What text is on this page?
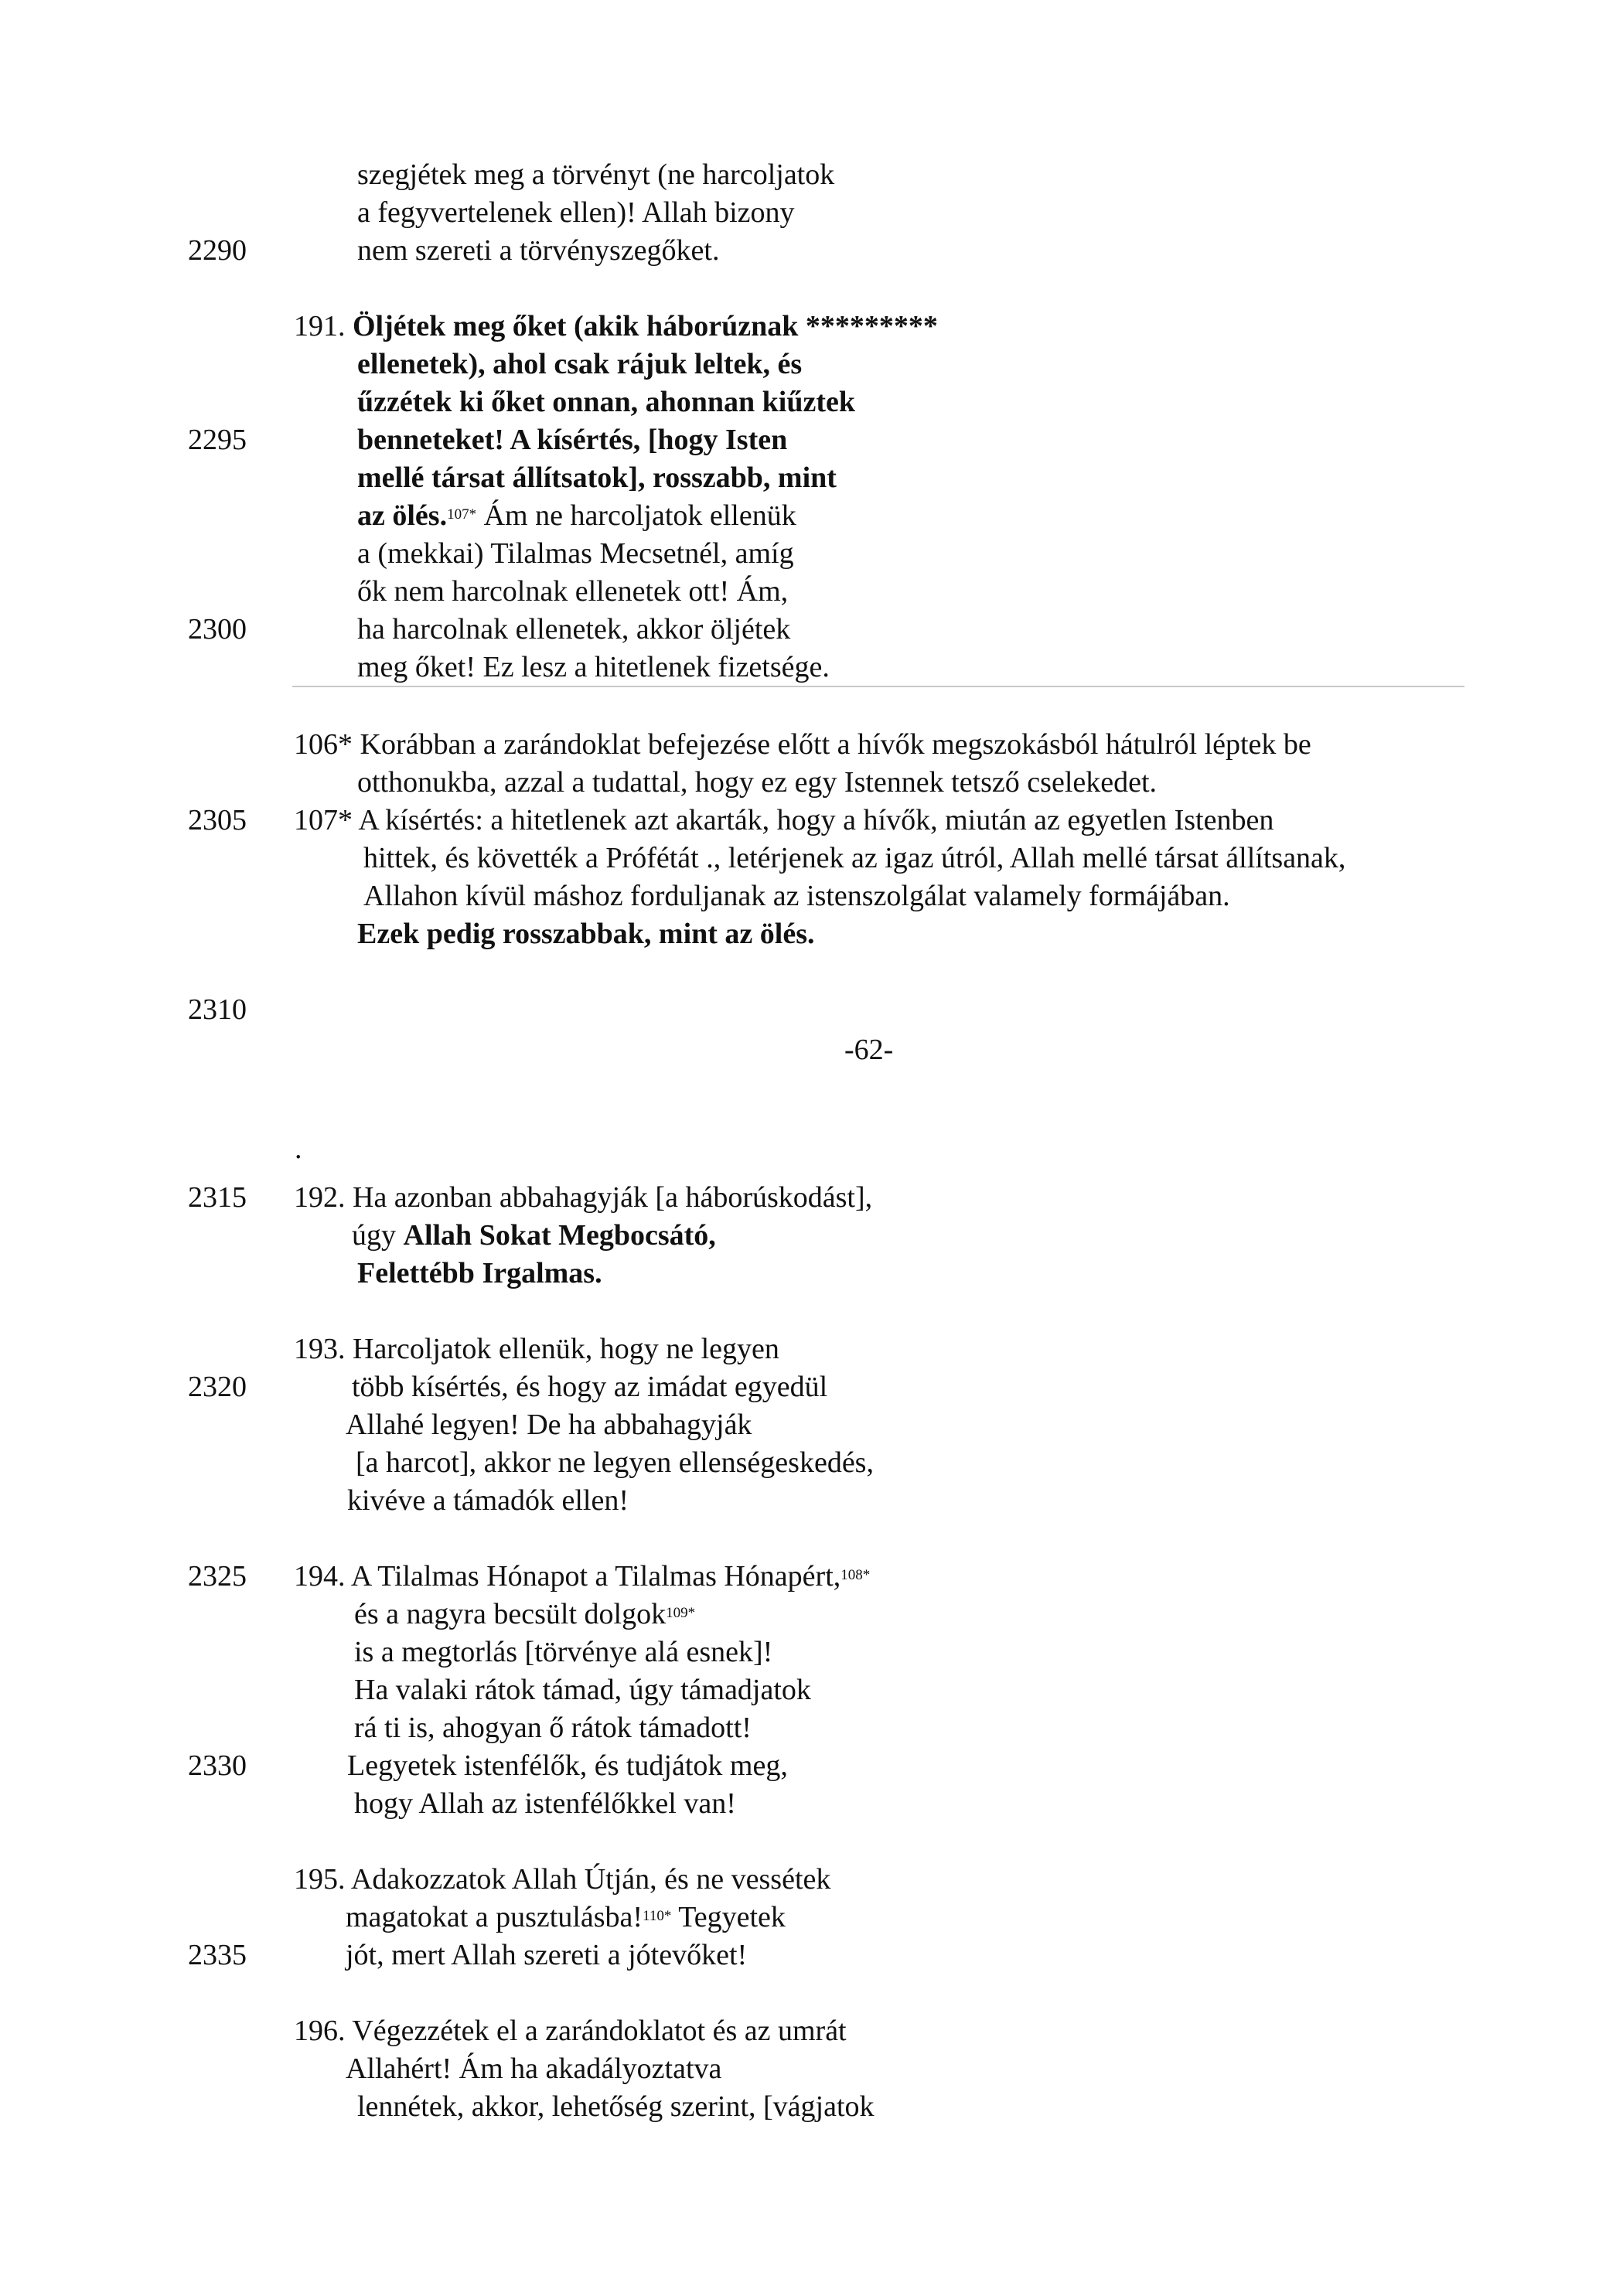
-62-
.
szegjétek meg a törvényt (ne harcoljatok
a fegyvertelenek ellen)! Allah bizony
2290	nem szereti a törvényszegőket.
191. Öljétek meg őket (akik háborúznak *********
ellenetek), ahol csak rájuk leltek, és
űzzétek ki őket onnan, ahonnan kiűztek
2295	benneteket! A kísértés, [hogy Isten
mellé társat állítsatok], rosszabb, mint
az ölés.$^{107*}$ Ám ne harcoljatok ellenük
a (mekkai) Tilalmas Mecsetnél, amíg
ők nem harcolnak ellenetek ott! Ám,
2300	ha harcolnak ellenetek, akkor öljétek
meg őket! Ez lesz a hitetlenek fizetsége.
106* Korábban a zarándoklat befejezése előtt a hívők megszokásból hátulról léptek be
otthonukba, azzal a tudattal, hogy ez egy Istennek tetsző cselekedet.
2305 107* A kísértés: a hitetlenek azt akarták, hogy a hívők, miután az egyetlen Istenben
hittek, és követték a Prófétát ., letérjenek az igaz útról, Allah mellé társat állítsanak,
Allahon kívül máshoz forduljanak az istenszolgálat valamely formájában.
Ezek pedig rosszabbak, mint az ölés.
2310
2315 192. Ha azonban abbahagyják [a háborúskodást],
úgy Allah Sokat Megbocsátó,
Felettébb Irgalmas.
193. Harcoljatok ellenük, hogy ne legyen
2320	több kísértés, és hogy az imádat egyedül
Allahé legyen! De ha abbahagyják
[a harcot], akkor ne legyen ellenségeskedés,
kivéve a támadók ellen!
2325 194. A Tilalmas Hónapot a Tilalmas Hónapért,$^{108*}$
és a nagyra becsült dolgok$^{109*}$
is a megtorlás [törvénye alá esnek]!
Ha valaki rátok támad, úgy támadjatok
rá ti is, ahogyan ő rátok támadott!
2330	Legyetek istenfélők, és tudjátok meg,
hogy Allah az istenfélőkkel van!
195. Adakozzatok Allah Útján, és ne vessétek
magatokat a pusztulásba!$^{110*}$ Tegyetek
2335	jót, mert Allah szereti a jótevőket!
196. Végezzétek el a zarándoklatot és az umrát
Allahért! Ám ha akadályoztatva
lennétek, akkor, lehetőség szerint, [vágjatok
